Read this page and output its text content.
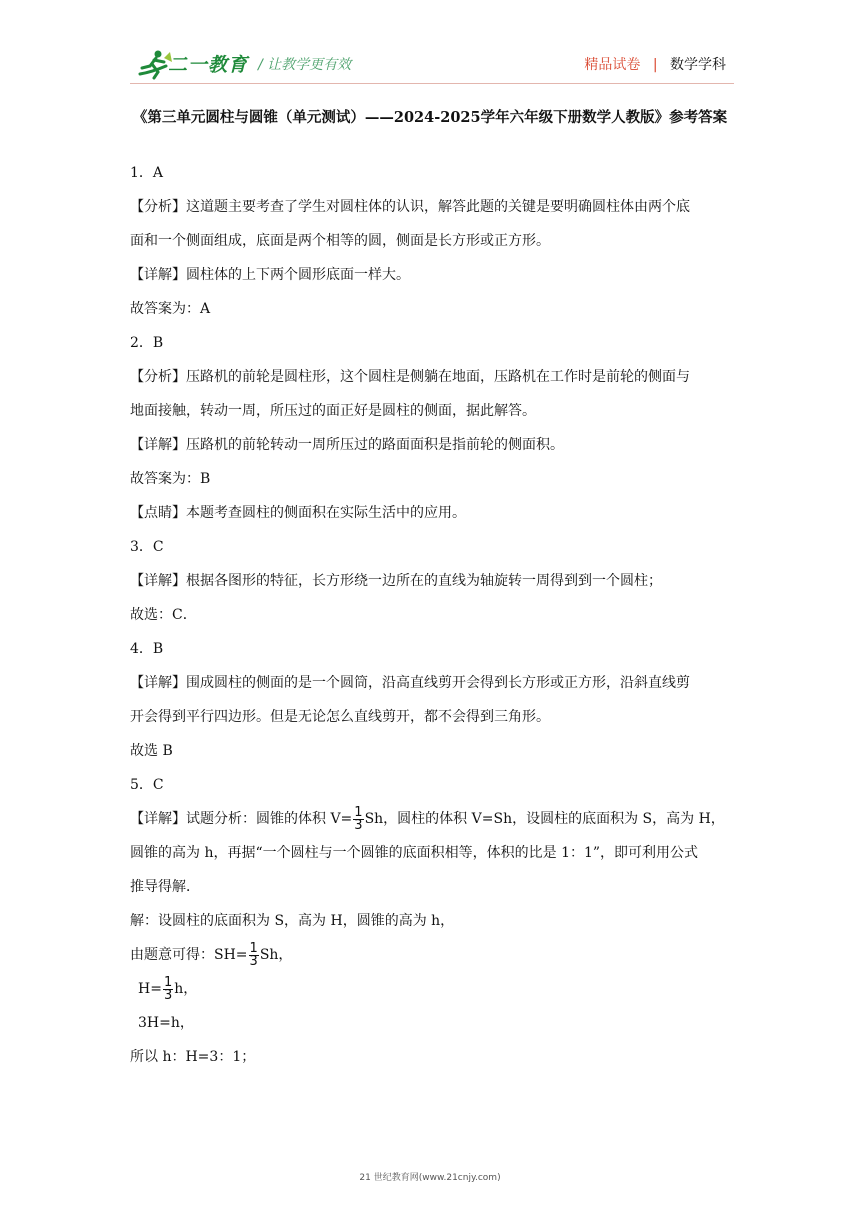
二一教育 / 让教学更有效	精品试卷 | 数学学科
《第三单元圆柱与圆锥（单元测试）——2024-2025学年六年级下册数学人教版》参考答案
1．A
【分析】这道题主要考查了学生对圆柱体的认识，解答此题的关键是要明确圆柱体由两个底
面和一个侧面组成，底面是两个相等的圆，侧面是长方形或正方形。
【详解】圆柱体的上下两个圆形底面一样大。
故答案为：A
2．B
【分析】压路机的前轮是圆柱形，这个圆柱是侧躺在地面，压路机在工作时是前轮的侧面与
地面接触，转动一周，所压过的面正好是圆柱的侧面，据此解答。
【详解】压路机的前轮转动一周所压过的路面面积是指前轮的侧面积。
故答案为：B
【点睛】本题考查圆柱的侧面积在实际生活中的应用。
3．C
【详解】根据各图形的特征，长方形绕一边所在的直线为轴旋转一周得到到一个圆柱；
故选：C．
4．B
【详解】围成圆柱的侧面的是一个圆筒，沿高直线剪开会得到长方形或正方形，沿斜直线剪
开会得到平行四边形。但是无论怎么直线剪开，都不会得到三角形。
故选 B
5．C
【详解】试题分析：圆锥的体积 $V= \frac{1}{3}$ Sh，圆柱的体积 V=Sh，设圆柱的底面积为 S，高为 H，
圆锥的高为 h，再据“一个圆柱与一个圆锥的底面积相等，体积的比是 1：1”，即可利用公式
推导得解．
解：设圆柱的底面积为 S，高为 H，圆锥的高为 h，
由题意可得：$SH= \frac{1}{3}$ Sh，
$H= \frac{1}{3}$ h，
3H=h，
所以 h：H=3：1；
21 世纪教育网(www.21cnjy.com)
